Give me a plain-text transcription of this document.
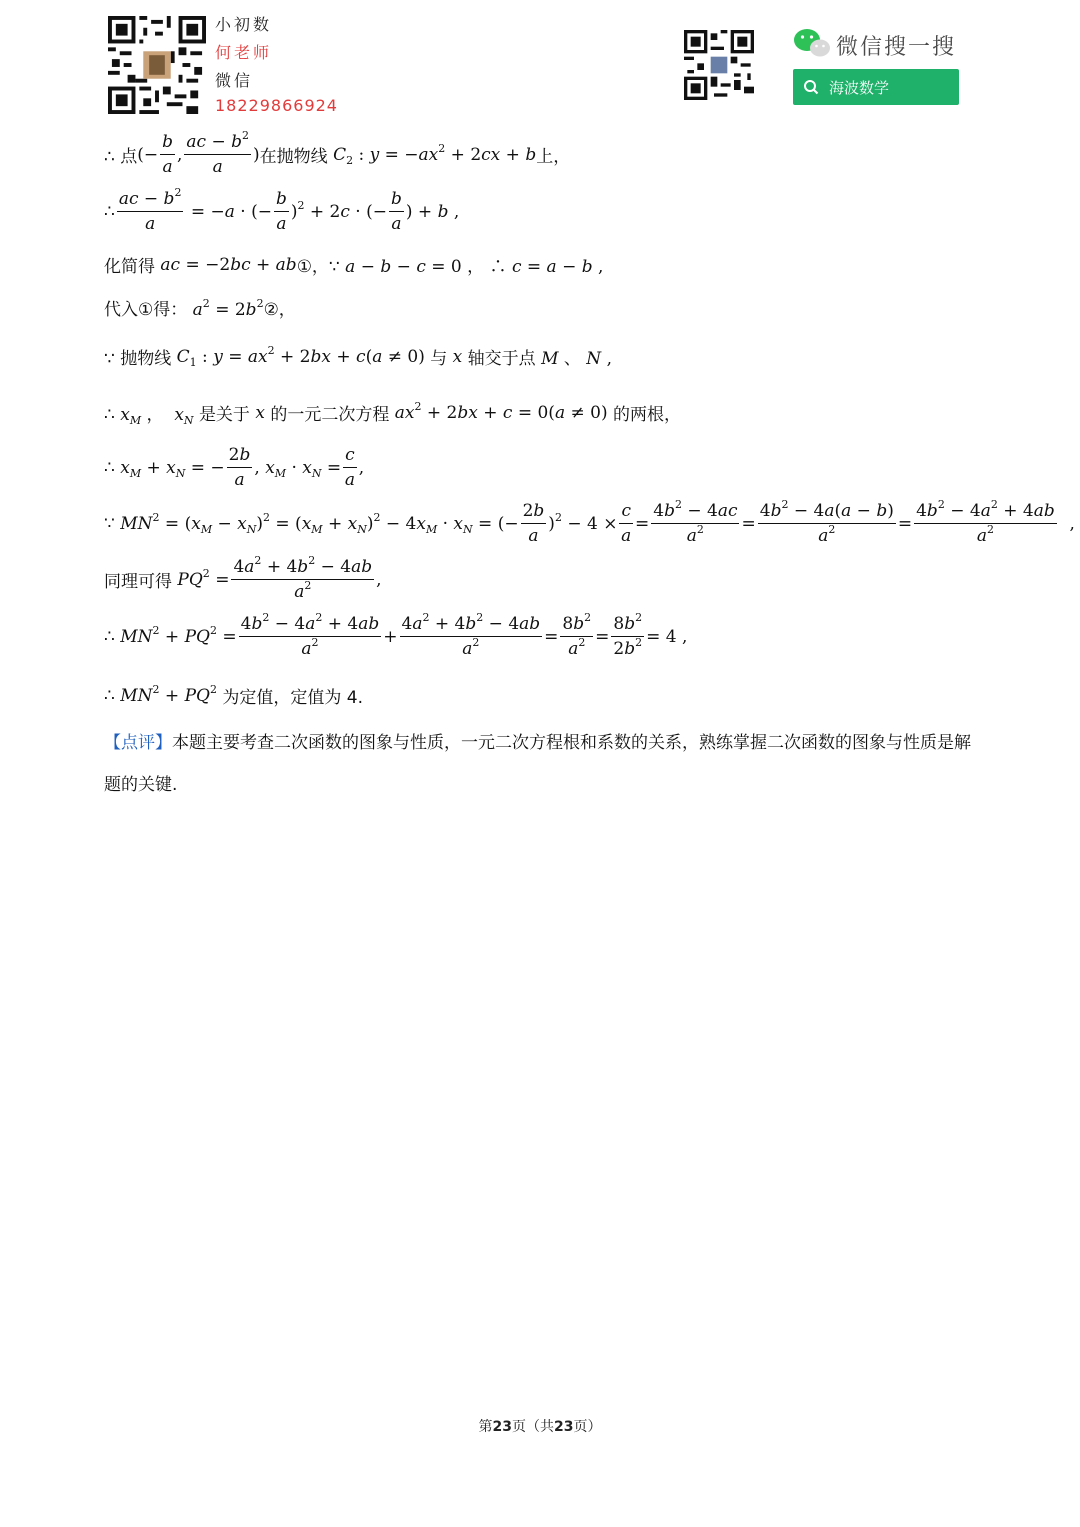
小初数
何老师
微信
18229866924
微信搜一搜
海波数学
∴ 点 (− $\frac{b}{a}$ , $\frac{ac - b^2}{a}$ ) 在抛物线 $C_2$ : $y = -ax^2 + 2cx + b$ 上，
∴ $\frac{ac - b^2}{a} = -a$ · (− $\frac{b}{a} )^2 + 2c$ · (− $\frac{b}{a}$ ) + b ,
化简得 ac = −2bc + ab ①，∵ a − b − c = 0 ， ∴ c = a − b ,
代入①得： $a^2$ = $2b^2②$，
∵ 抛物线 $C_1$ : $y = ax^2 + 2bx + c(a \ne 0)$ 与 x 轴交于点 M 、 N ,
∴ $x_M$ ，  $x_N$ 是关于 x 的一元二次方程 $ax^2 + 2bx + c = 0(a \ne 0)$ 的两根，
∴ $x_M + x_N$ = − $\frac{2b}{a}$ , $x_M \cdot x_N = \frac{c}{a}$ ,
∵ $MN^2 = (x_M - x_N)^2 = (x_M + x_N)^2 - 4x_M \cdot x_N$ = (− $\frac{2b}{a} )^2 - 4 \times \frac{c}{a} = \frac{4b^2 - 4ac}{a^2} = \frac{4b^2 - 4a(a - b)}{a^2} = \frac{4b^2 - 4a^2 + 4ab}{a^2}$ ,
同理可得 $PQ^2 = \frac{4a^2 + 4b^2 - 4ab}{a^2}$ ,
∴ $MN^2 + PQ^2 = \frac{4b^2 - 4a^2 + 4ab}{a^2} + \frac{4a^2 + 4b^2 - 4ab}{a^2} = \frac{8b^2}{a^2} = \frac{8b^2}{2b^2} = 4$ ,
∴ $MN^2 + PQ^2$ 为定值，定值为 4.
【点评】本题主要考查二次函数的图象与性质，一元二次方程根和系数的关系，熟练掌握二次函数的图象与性质是解题的关键.
第23页（共23页）
